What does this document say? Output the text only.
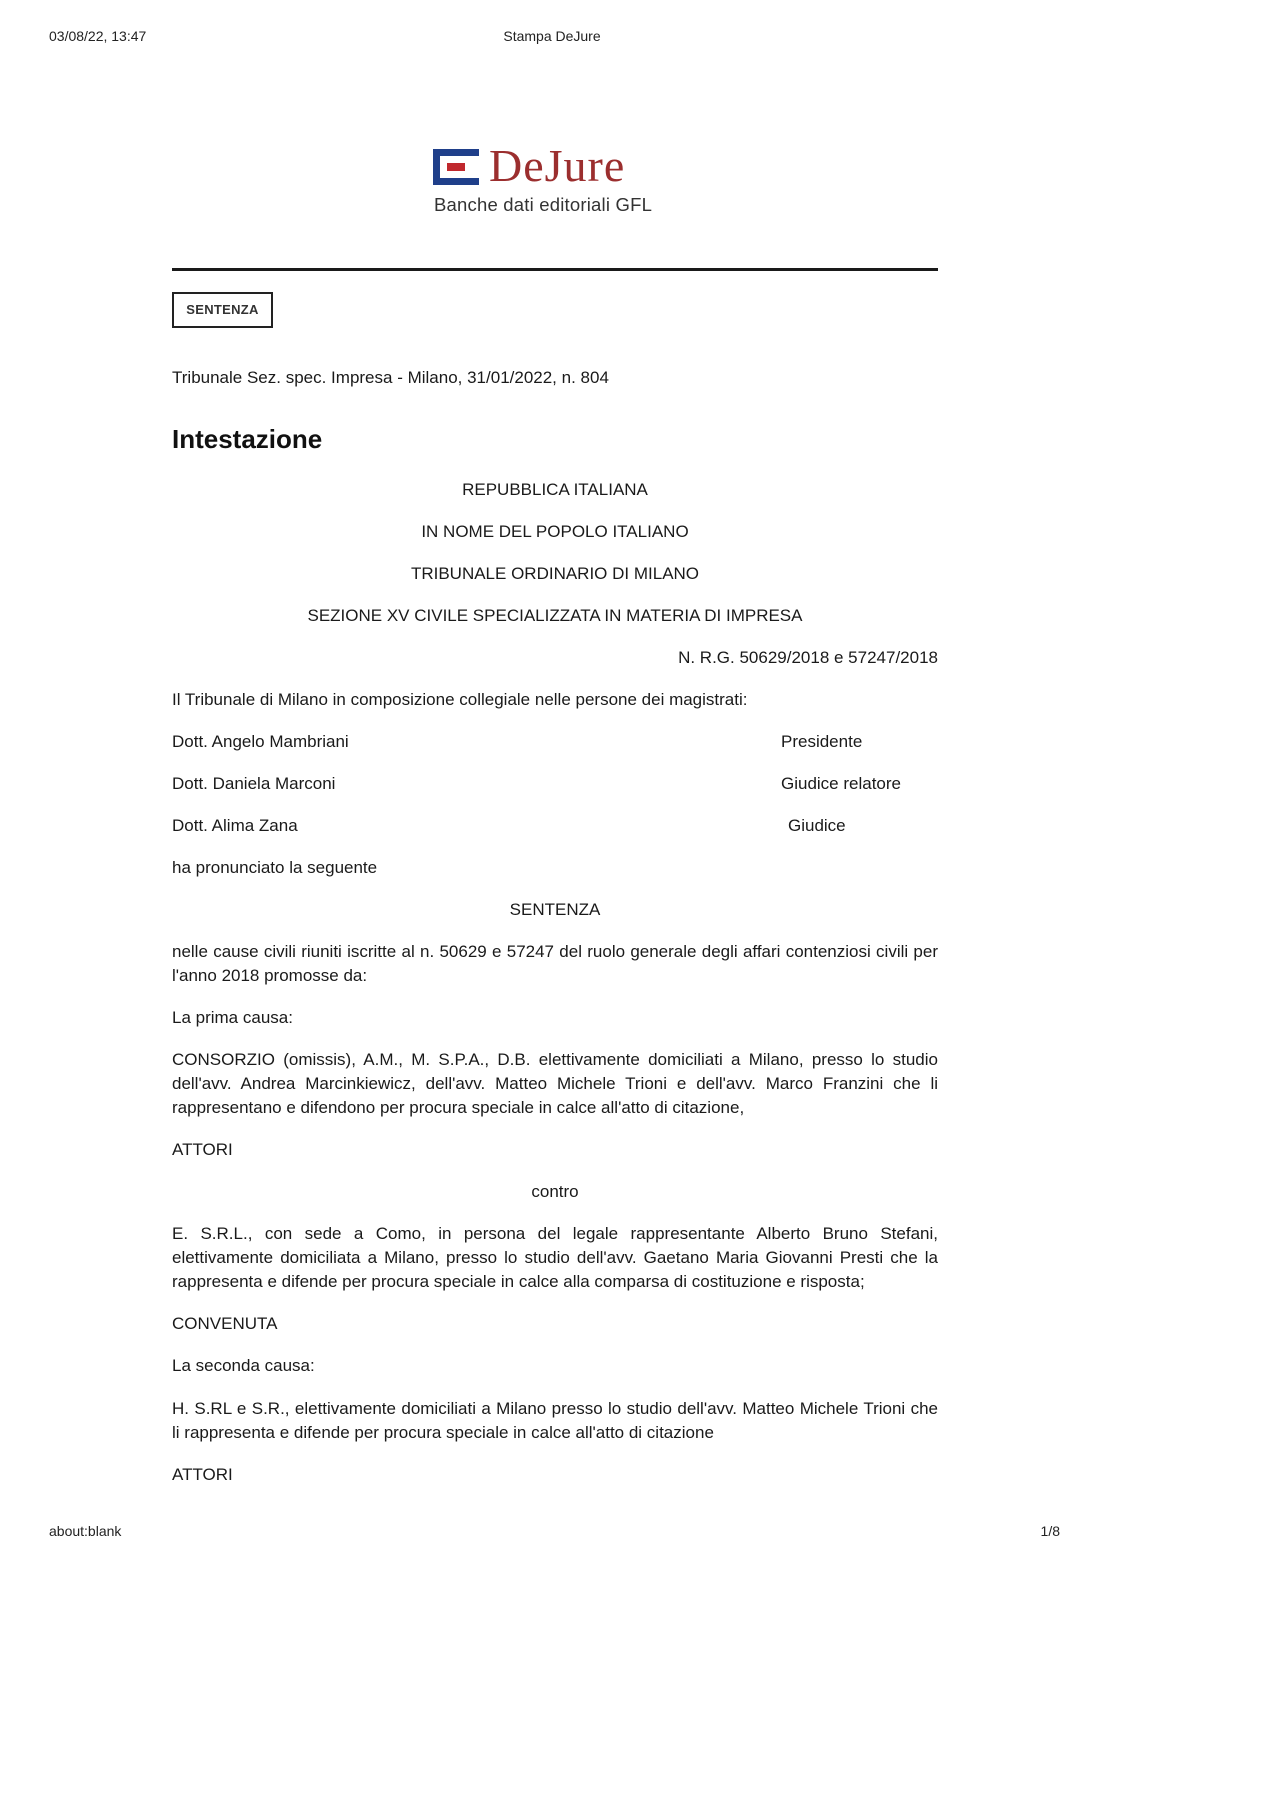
03/08/22, 13:47	Stampa DeJure
DeJure
Banche dati editoriali GFL
SENTENZA
Tribunale Sez. spec. Impresa - Milano, 31/01/2022, n. 804
Intestazione
REPUBBLICA ITALIANA
IN NOME DEL POPOLO ITALIANO
TRIBUNALE ORDINARIO DI MILANO
SEZIONE XV CIVILE SPECIALIZZATA IN MATERIA DI IMPRESA
N. R.G. 50629/2018 e 57247/2018
Il Tribunale di Milano in composizione collegiale nelle persone dei magistrati:
Dott. Angelo Mambriani	Presidente
Dott. Daniela Marconi	Giudice relatore
Dott. Alima Zana	Giudice
ha pronunciato la seguente
SENTENZA
nelle cause civili riuniti iscritte al n. 50629 e 57247 del ruolo generale degli affari contenziosi civili per l'anno 2018 promosse da:
La prima causa:
CONSORZIO (omissis), A.M., M. S.P.A., D.B. elettivamente domiciliati a Milano, presso lo studio dell'avv. Andrea Marcinkiewicz, dell'avv. Matteo Michele Trioni e dell'avv. Marco Franzini che li rappresentano e difendono per procura speciale in calce all'atto di citazione,
ATTORI
contro
E. S.R.L., con sede a Como, in persona del legale rappresentante Alberto Bruno Stefani, elettivamente domiciliata a Milano, presso lo studio dell'avv. Gaetano Maria Giovanni Presti che la rappresenta e difende per procura speciale in calce alla comparsa di costituzione e risposta;
CONVENUTA
La seconda causa:
H. S.RL e S.R., elettivamente domiciliati a Milano presso lo studio dell'avv. Matteo Michele Trioni che li rappresenta e difende per procura speciale in calce all'atto di citazione
ATTORI
about:blank	1/8
